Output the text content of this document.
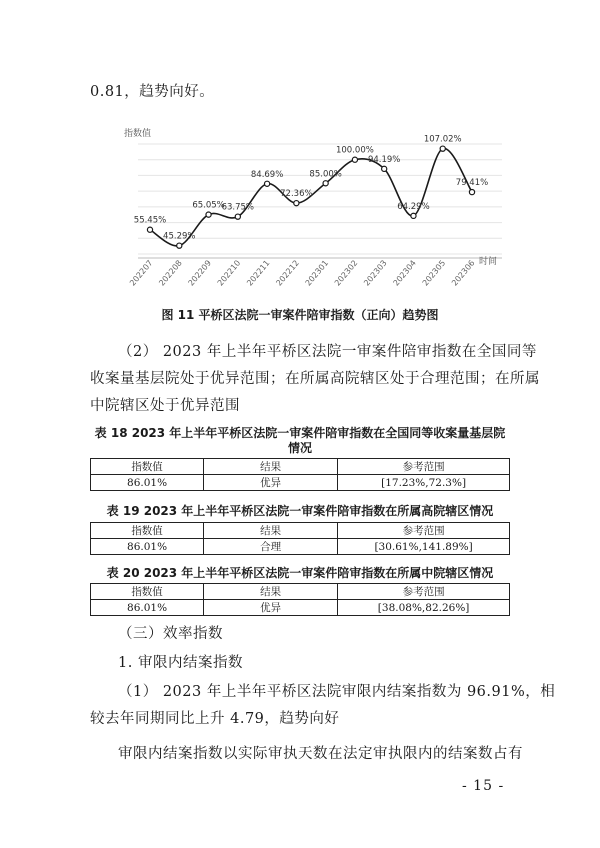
0.81，趋势向好。
指数值
时间
55.45%
45.29%
65.05%
63.75%
84.69%
72.36%
85.00%
100.00%
94.19%
64.29%
107.02%
79.41%
202207 202208 202209 202210 202211 202212 202301 202302 202303 202304 202305 202306
图 11 平桥区法院一审案件陪审指数（正向）趋势图
（2） 2023 年上半年平桥区法院一审案件陪审指数在全国同等
收案量基层院处于优异范围；在所属高院辖区处于合理范围；在所属
中院辖区处于优异范围
表 18 2023 年上半年平桥区法院一审案件陪审指数在全国同等收案量基层院
情况
指数值	结果	参考范围
86.01%	优异	[17.23%,72.3%]
表 19 2023 年上半年平桥区法院一审案件陪审指数在所属高院辖区情况
指数值	结果	参考范围
86.01%	合理	[30.61%,141.89%]
表 20 2023 年上半年平桥区法院一审案件陪审指数在所属中院辖区情况
指数值	结果	参考范围
86.01%	优异	[38.08%,82.26%]
（三）效率指数
1. 审限内结案指数
（1） 2023 年上半年平桥区法院审限内结案指数为 96.91%，相
较去年同期同比上升 4.79，趋势向好
审限内结案指数以实际审执天数在法定审执限内的结案数占有
- 15 -
